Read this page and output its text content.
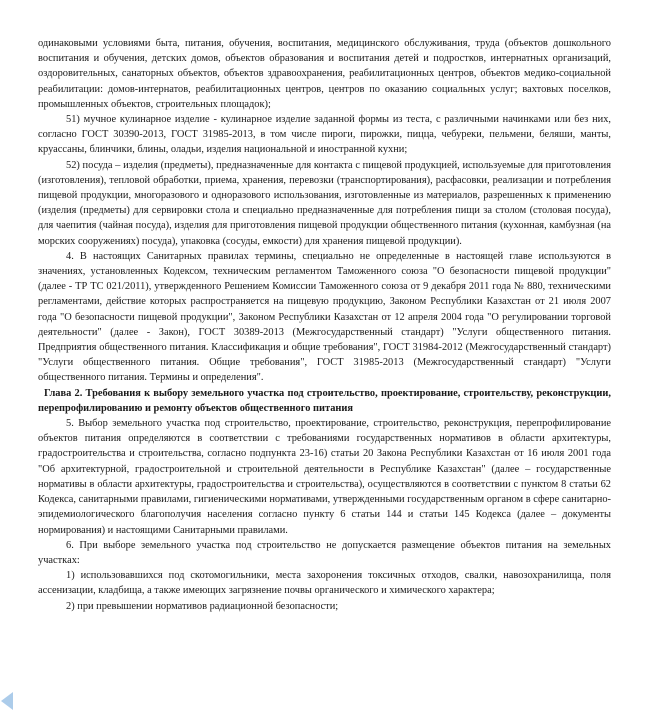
одинаковыми условиями быта, питания, обучения, воспитания, медицинского обслуживания, труда (объектов дошкольного воспитания и обучения, детских домов, объектов образования и воспитания детей и подростков, интернатных организаций, оздоровительных, санаторных объектов, объектов здравоохранения, реабилитационных центров, объектов медико-социальной реабилитации: домов-интернатов, реабилитационных центров, центров по оказанию социальных услуг; вахтовых поселков, промышленных объектов, строительных площадок);

51) мучное кулинарное изделие - кулинарное изделие заданной формы из теста, с различными начинками или без них, согласно ГОСТ 30390-2013, ГОСТ 31985-2013, в том числе пироги, пирожки, пицца, чебуреки, пельмени, беляши, манты, круассаны, блинчики, блины, оладьи, изделия национальной и иностранной кухни;

52) посуда – изделия (предметы), предназначенные для контакта с пищевой продукцией, используемые для приготовления (изготовления), тепловой обработки, приема, хранения, перевозки (транспортирования), расфасовки, реализации и потребления пищевой продукции, многоразового и одноразового использования, изготовленные из материалов, разрешенных к применению (изделия (предметы) для сервировки стола и специально предназначенные для потребления пищи за столом (столовая посуда), для чаепития (чайная посуда), изделия для приготовления пищевой продукции общественного питания (кухонная, камбузная (на морских сооружениях) посуда), упаковка (сосуды, емкости) для хранения пищевой продукции).

4. В настоящих Санитарных правилах термины, специально не определенные в настоящей главе используются в значениях, установленных Кодексом, техническим регламентом Таможенного союза "О безопасности пищевой продукции" (далее - ТР ТС 021/2011), утвержденного Решением Комиссии Таможенного союза от 9 декабря 2011 года № 880, техническими регламентами, действие которых распространяется на пищевую продукцию, Законом Республики Казахстан от 21 июля 2007 года "О безопасности пищевой продукции", Законом Республики Казахстан от 12 апреля 2004 года "О регулировании торговой деятельности" (далее - Закон), ГОСТ 30389-2013 (Межгосударственный стандарт) "Услуги общественного питания. Предприятия общественного питания. Классификация и общие требования", ГОСТ 31984-2012 (Межгосударственный стандарт) "Услуги общественного питания. Общие требования", ГОСТ 31985-2013 (Межгосударственный стандарт) "Услуги общественного питания. Термины и определения".

Глава 2. Требования к выбору земельного участка под строительство, проектирование, строительству, реконструкции, перепрофилированию и ремонту объектов общественного питания

5. Выбор земельного участка под строительство, проектирование, строительство, реконструкция, перепрофилирование объектов питания определяются в соответствии с требованиями государственных нормативов в области архитектуры, градостроительства и строительства, согласно подпункта 23-16) статьи 20 Закона Республики Казахстан от 16 июля 2001 года "Об архитектурной, градостроительной и строительной деятельности в Республике Казахстан" (далее – государственные нормативы в области архитектуры, градостроительства и строительства), осуществляются в соответствии с пунктом 8 статьи 62 Кодекса, санитарными правилами, гигиеническими нормативами, утвержденными государственным органом в сфере санитарно-эпидемиологического благополучия населения согласно пункту 6 статьи 144 и статьи 145 Кодекса (далее – документы нормирования) и настоящими Санитарными правилами.

6. При выборе земельного участка под строительство не допускается размещение объектов питания на земельных участках:

1) использовавшихся под скотомогильники, места захоронения токсичных отходов, свалки, навозохранилища, поля ассенизации, кладбища, а также имеющих загрязнение почвы органического и химического характера;

2) при превышении нормативов радиационной безопасности;
